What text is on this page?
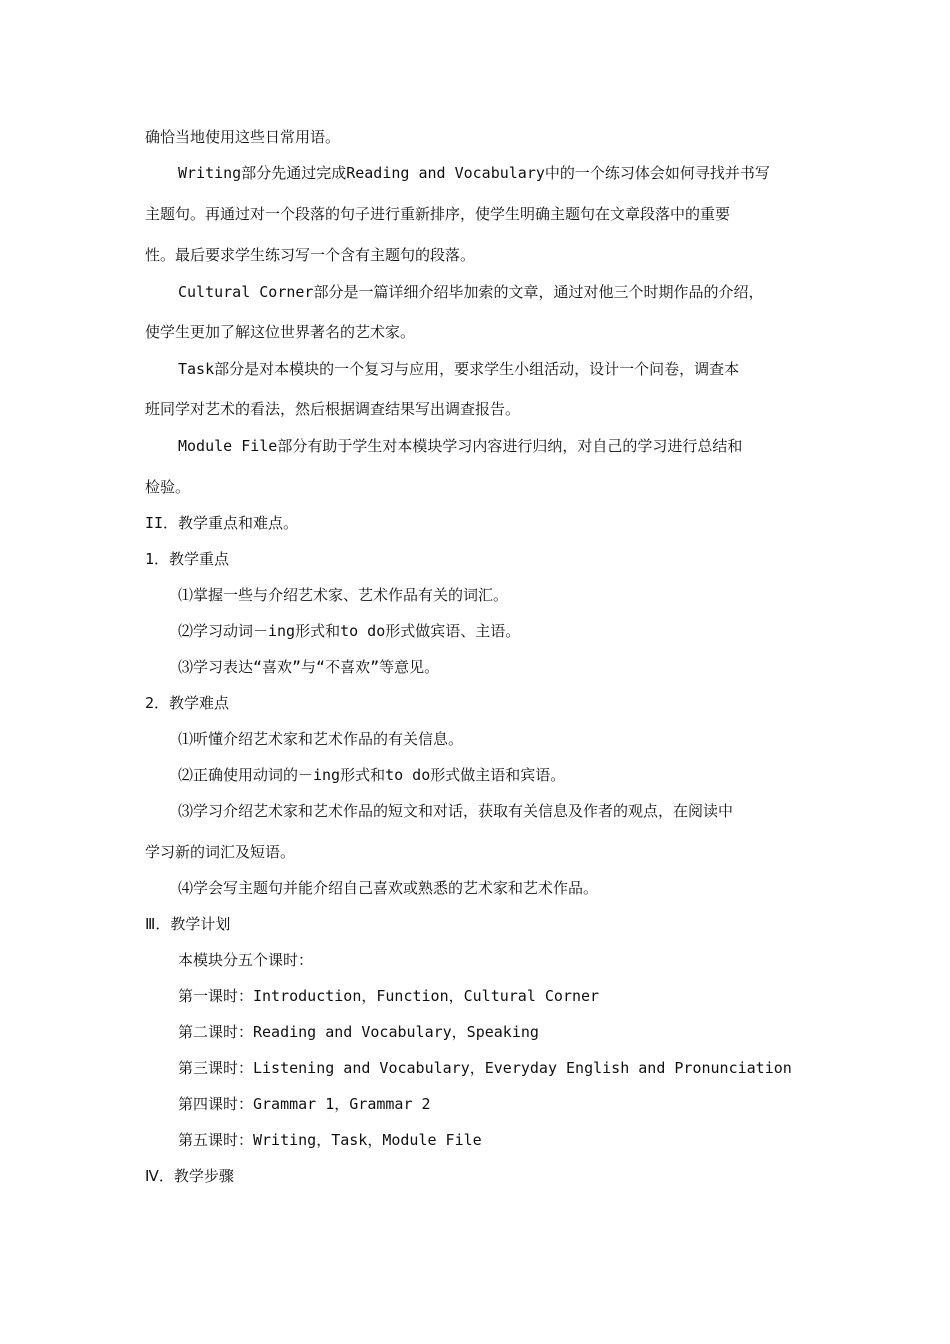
确恰当地使用这些日常用语。
Writing部分先通过完成Reading and Vocabulary中的一个练习体会如何寻找并书写
主题句。再通过对一个段落的句子进行重新排序，使学生明确主题句在文章段落中的重要
性。最后要求学生练习写一个含有主题句的段落。
Cultural Corner部分是一篇详细介绍毕加索的文章，通过对他三个时期作品的介绍，
使学生更加了解这位世界著名的艺术家。
Task部分是对本模块的一个复习与应用，要求学生小组活动，设计一个问卷，调查本
班同学对艺术的看法，然后根据调查结果写出调查报告。
Module File部分有助于学生对本模块学习内容进行归纳，对自己的学习进行总结和
检验。
II．教学重点和难点。
1．教学重点
⑴掌握一些与介绍艺术家、艺术作品有关的词汇。
⑵学习动词－ing形式和to do形式做宾语、主语。
⑶学习表达“喜欢”与“不喜欢”等意见。
2．教学难点
⑴听懂介绍艺术家和艺术作品的有关信息。
⑵正确使用动词的－ing形式和to do形式做主语和宾语。
⑶学习介绍艺术家和艺术作品的短文和对话，获取有关信息及作者的观点，在阅读中
学习新的词汇及短语。
⑷学会写主题句并能介绍自己喜欢或熟悉的艺术家和艺术作品。
Ⅲ．教学计划
本模块分五个课时：
第一课时：Introduction，Function，Cultural Corner
第二课时：Reading and Vocabulary，Speaking
第三课时：Listening and Vocabulary，Everyday English and Pronunciation
第四课时：Grammar 1，Grammar 2
第五课时：Writing，Task，Module File
Ⅳ．教学步骤
